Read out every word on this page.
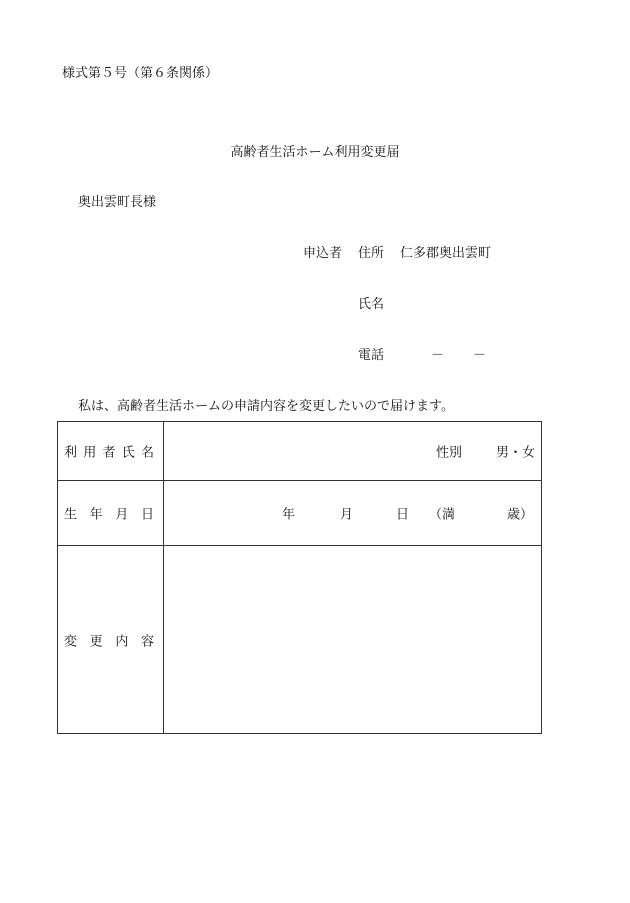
様式第５号（第６条関係）
高齢者生活ホーム利用変更届
奥出雲町長様
申込者 住所 仁多郡奥出雲町
氏名
電話	－ －
私は、高齢者生活ホームの申請内容を変更したいので届けます。
利 用 者 氏 名	性別 男・女

生 年 月 日	年 月 日 （満 歳）

変 更 内 容	
